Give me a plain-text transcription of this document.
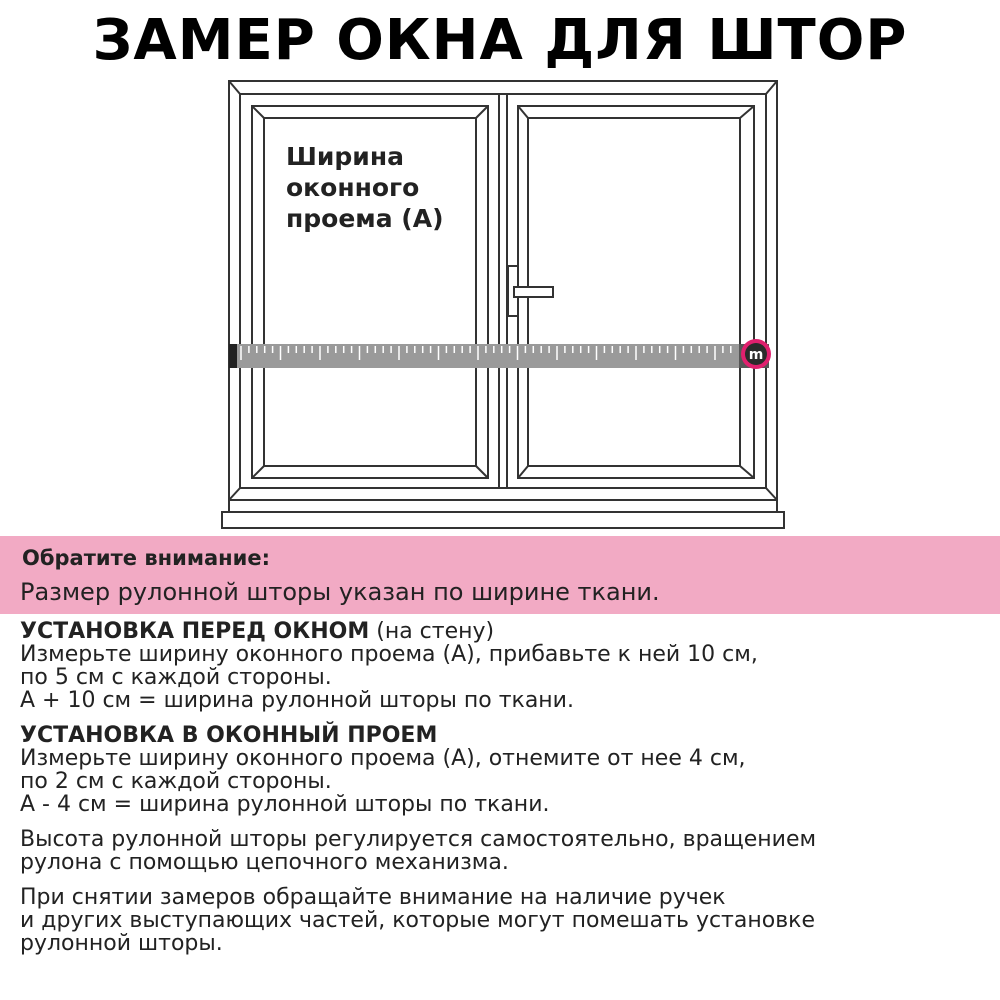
ЗАМЕР ОКНА ДЛЯ ШТОР
m
Ширина
оконного
проема (А)
Обратите внимание:
Размер рулонной шторы указан по ширине ткани.
УСТАНОВКА ПЕРЕД ОКНОМ (на стену)
Измерьте ширину оконного проема (А), прибавьте к ней 10 см,
по 5 см с каждой стороны.
А + 10 см = ширина рулонной шторы по ткани.
УСТАНОВКА В ОКОННЫЙ ПРОЕМ
Измерьте ширину оконного проема (А), отнемите от нее 4 см,
по 2 см с каждой стороны.
А - 4 см = ширина рулонной шторы по ткани.
Высота рулонной шторы регулируется самостоятельно, вращением
рулона с помощью цепочного механизма.
При снятии замеров обращайте внимание на наличие ручек
и других выступающих частей, которые могут помешать установке
рулонной шторы.
